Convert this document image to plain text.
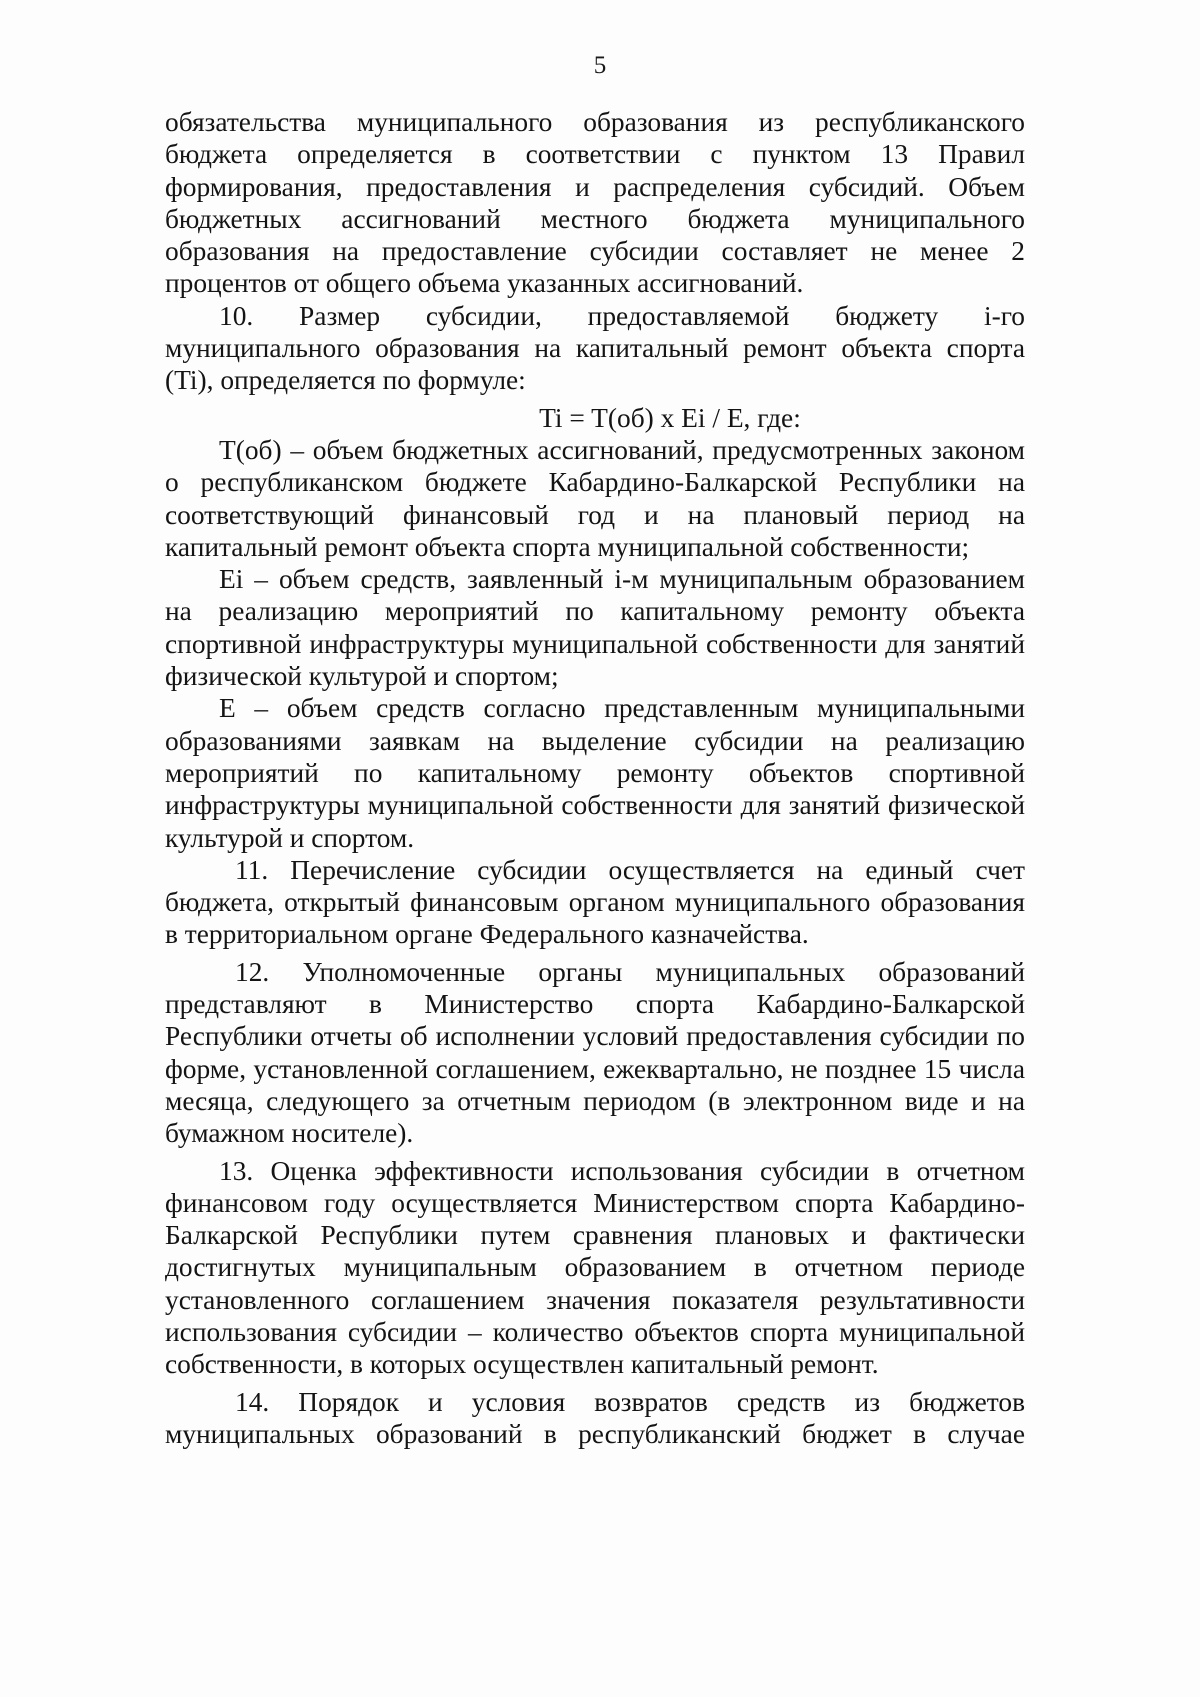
5

обязательства муниципального образования из республиканского бюджета определяется в соответствии с пунктом 13 Правил формирования, предоставления и распределения субсидий. Объем бюджетных ассигнований местного бюджета муниципального образования на предоставление субсидии составляет не менее 2 процентов от общего объема указанных ассигнований.

10. Размер субсидии, предоставляемой бюджету i-го муниципального образования на капитальный ремонт объекта спорта (Ti), определяется по формуле:

Ti = T(об) x Ei / E, где:

Т(об) – объем бюджетных ассигнований, предусмотренных законом о республиканском бюджете Кабардино-Балкарской Республики на соответствующий финансовый год и на плановый период на капитальный ремонт объекта спорта муниципальной собственности;

Ei – объем средств, заявленный i-м муниципальным образованием на реализацию мероприятий по капитальному ремонту объекта спортивной инфраструктуры муниципальной собственности для занятий физической культурой и спортом;

Е – объем средств согласно представленным муниципальными образованиями заявкам на выделение субсидии на реализацию мероприятий по капитальному ремонту объектов спортивной инфраструктуры муниципальной собственности для занятий физической культурой и спортом.

11. Перечисление субсидии осуществляется на единый счет бюджета, открытый финансовым органом муниципального образования в территориальном органе Федерального казначейства.

12. Уполномоченные органы муниципальных образований представляют в Министерство спорта Кабардино-Балкарской Республики отчеты об исполнении условий предоставления субсидии по форме, установленной соглашением, ежеквартально, не позднее 15 числа месяца, следующего за отчетным периодом (в электронном виде и на бумажном носителе).

13. Оценка эффективности использования субсидии в отчетном финансовом году осуществляется Министерством спорта Кабардино-Балкарской Республики путем сравнения плановых и фактически достигнутых муниципальным образованием в отчетном периоде установленного соглашением значения показателя результативности использования субсидии – количество объектов спорта муниципальной собственности, в которых осуществлен капитальный ремонт.

14. Порядок и условия возвратов средств из бюджетов муниципальных образований в республиканский бюджет в случае
